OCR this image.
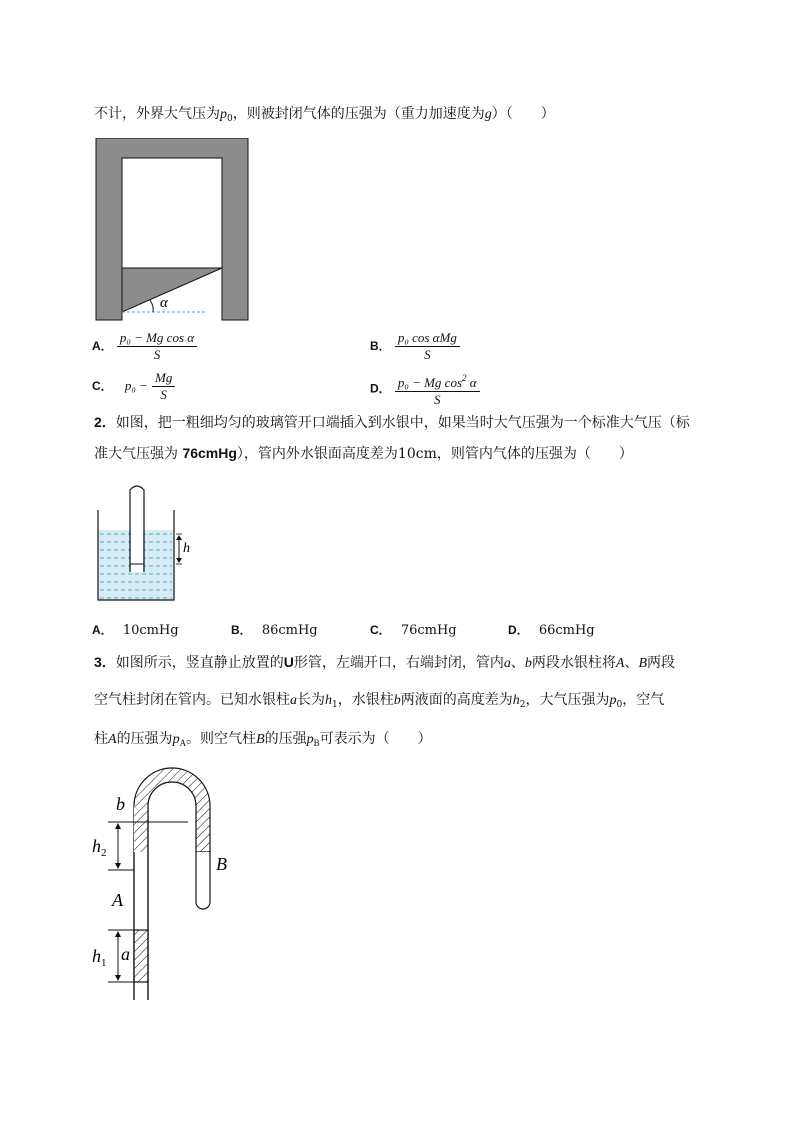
不计，外界大气压为$p_0$，则被封闭气体的压强为（重力加速度为g）（　　）
α
A． $\frac{\text{p₀ − Mg cos α}}{S}$	B． $\frac{\text{p₀ cos αMg}}{S}$
C． $p_0 - \frac{Mg}{S}$	D． $\frac{p_0 - Mg \cos^2 \alpha}{S}$
2．如图，把一粗细均匀的玻璃管开口端插入到水银中，如果当时大气压强为一个标准大气压（标
准大气压强为 76cmHg），管内外水银面高度差为10cm，则管内气体的压强为（　　）
h
A． 10cmHg	B． 86cmHg	C． 76cmHg	D． 66cmHg
3．如图所示，竖直静止放置的U形管，左端开口，右端封闭，管内a、b两段水银柱将A、B两段
空气柱封闭在管内。已知水银柱a长为$h_1$，水银柱b两液面的高度差为$h_2$，大气压强为$p_0$，空气
柱A的压强为$p_A$。则空气柱B的压强$p_B$可表示为（　　）
b
$h_2$
A
B
$h_1$ a
